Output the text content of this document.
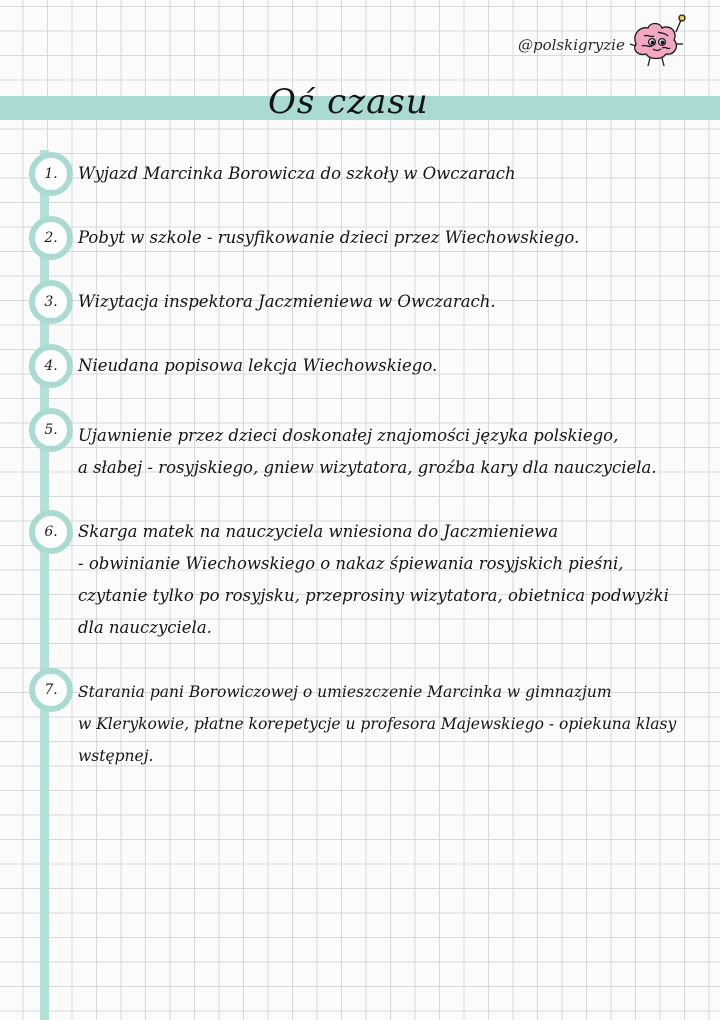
@polskigryzie
Oś czasu
1.	Wyjazd Marcinka Borowicza do szkoły w Owczarach
2.	Pobyt w szkole - rusyfikowanie dzieci przez Wiechowskiego.
3.	Wizytacja inspektora Jaczmieniewa w Owczarach.
4.	Nieudana popisowa lekcja Wiechowskiego.
5.	Ujawnienie przez dzieci doskonałej znajomości języka polskiego,
a słabej - rosyjskiego, gniew wizytatora, groźba kary dla nauczyciela.
6.	Skarga matek na nauczyciela wniesiona do Jaczmieniewa
- obwinianie Wiechowskiego o nakaz śpiewania rosyjskich pieśni,
czytanie tylko po rosyjsku, przeprosiny wizytatora, obietnica podwyżki
dla nauczyciela.
7.	Starania pani Borowiczowej o umieszczenie Marcinka w gimnazjum
w Klerykowie, płatne korepetycje u profesora Majewskiego - opiekuna klasy wstępnej.
